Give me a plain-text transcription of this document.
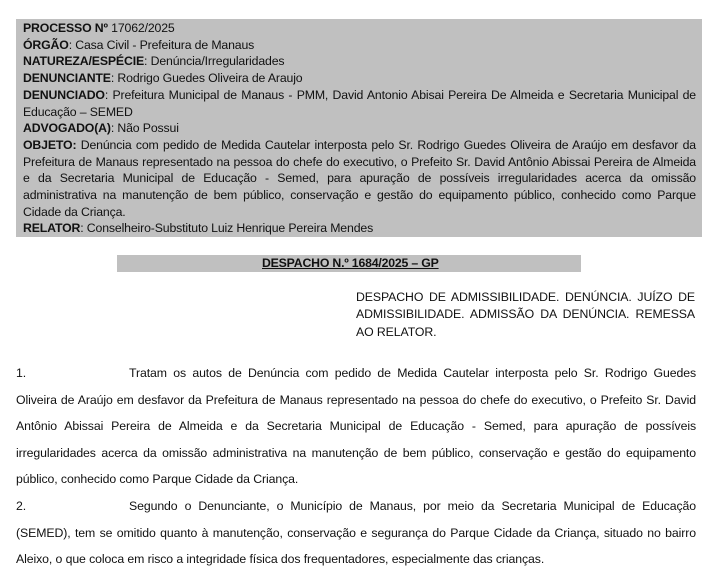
PROCESSO Nº 17062/2025
ÓRGÃO: Casa Civil - Prefeitura de Manaus
NATUREZA/ESPÉCIE: Denúncia/Irregularidades
DENUNCIANTE: Rodrigo Guedes Oliveira de Araujo
DENUNCIADO: Prefeitura Municipal de Manaus - PMM, David Antonio Abisai Pereira De Almeida e Secretaria Municipal de Educação – SEMED
ADVOGADO(A): Não Possui
OBJETO: Denúncia com pedido de Medida Cautelar interposta pelo Sr. Rodrigo Guedes Oliveira de Araújo em desfavor da Prefeitura de Manaus representado na pessoa do chefe do executivo, o Prefeito Sr. David Antônio Abissai Pereira de Almeida e da Secretaria Municipal de Educação - Semed, para apuração de possíveis irregularidades acerca da omissão administrativa na manutenção de bem público, conservação e gestão do equipamento público, conhecido como Parque Cidade da Criança.
RELATOR: Conselheiro-Substituto Luiz Henrique Pereira Mendes
DESPACHO N.º 1684/2025 – GP
DESPACHO DE ADMISSIBILIDADE. DENÚNCIA. JUÍZO DE ADMISSIBILIDADE. ADMISSÃO DA DENÚNCIA. REMESSA AO RELATOR.
1.	Tratam os autos de Denúncia com pedido de Medida Cautelar interposta pelo Sr. Rodrigo Guedes Oliveira de Araújo em desfavor da Prefeitura de Manaus representado na pessoa do chefe do executivo, o Prefeito Sr. David Antônio Abissai Pereira de Almeida e da Secretaria Municipal de Educação - Semed, para apuração de possíveis irregularidades acerca da omissão administrativa na manutenção de bem público, conservação e gestão do equipamento público, conhecido como Parque Cidade da Criança.
2.	Segundo o Denunciante, o Município de Manaus, por meio da Secretaria Municipal de Educação (SEMED), tem se omitido quanto à manutenção, conservação e segurança do Parque Cidade da Criança, situado no bairro Aleixo, o que coloca em risco a integridade física dos frequentadores, especialmente das crianças.
